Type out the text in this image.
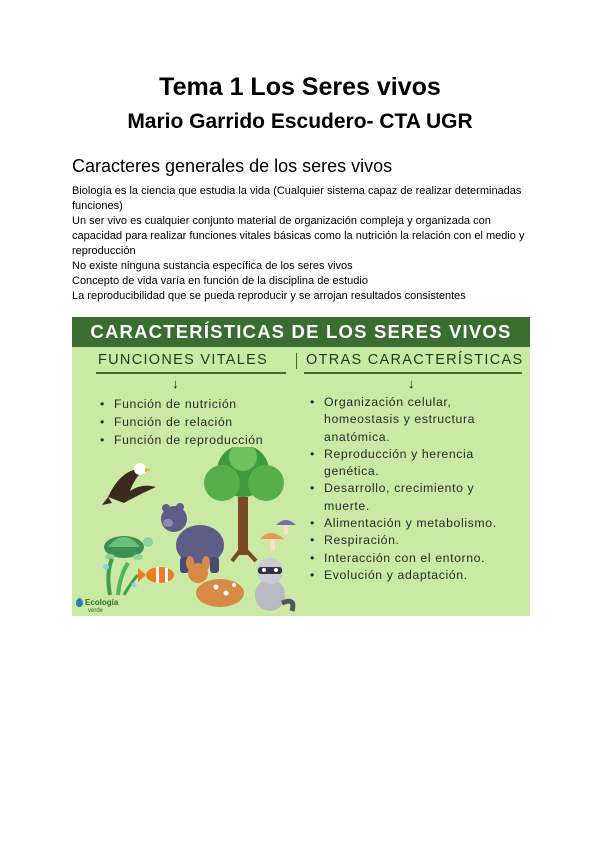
Tema 1 Los Seres vivos
Mario Garrido Escudero- CTA UGR
Caracteres generales de los seres vivos

Biología es la ciencia que estudia la vida (Cualquier sistema capaz de realizar determinadas funciones)

Un ser vivo es cualquier conjunto material de organización compleja y organizada con capacidad para realizar funciones vitales básicas como la nutrición la relación con el medio y reproducción

No existe ninguna sustancia específica de los seres vivos

Concepto de vida varía en función de la disciplina de estudio

La reproducibilidad que se pueda reproducir y se arrojan resultados consistentes

CARACTERÍSTICAS DE LOS SERES VIVOS
FUNCIONES VITALES	OTRAS CARACTERÍSTICAS
↓	↓
• Función de nutrición
• Función de relación
• Función de reproducción
• Organización celular, homeostasis y estructura anatómica.
• Reproducción y herencia genética.
• Desarrollo, crecimiento y muerte.
• Alimentación y metabolismo.
• Respiración.
• Interacción con el entorno.
• Evolución y adaptación.
Ecología
verde
